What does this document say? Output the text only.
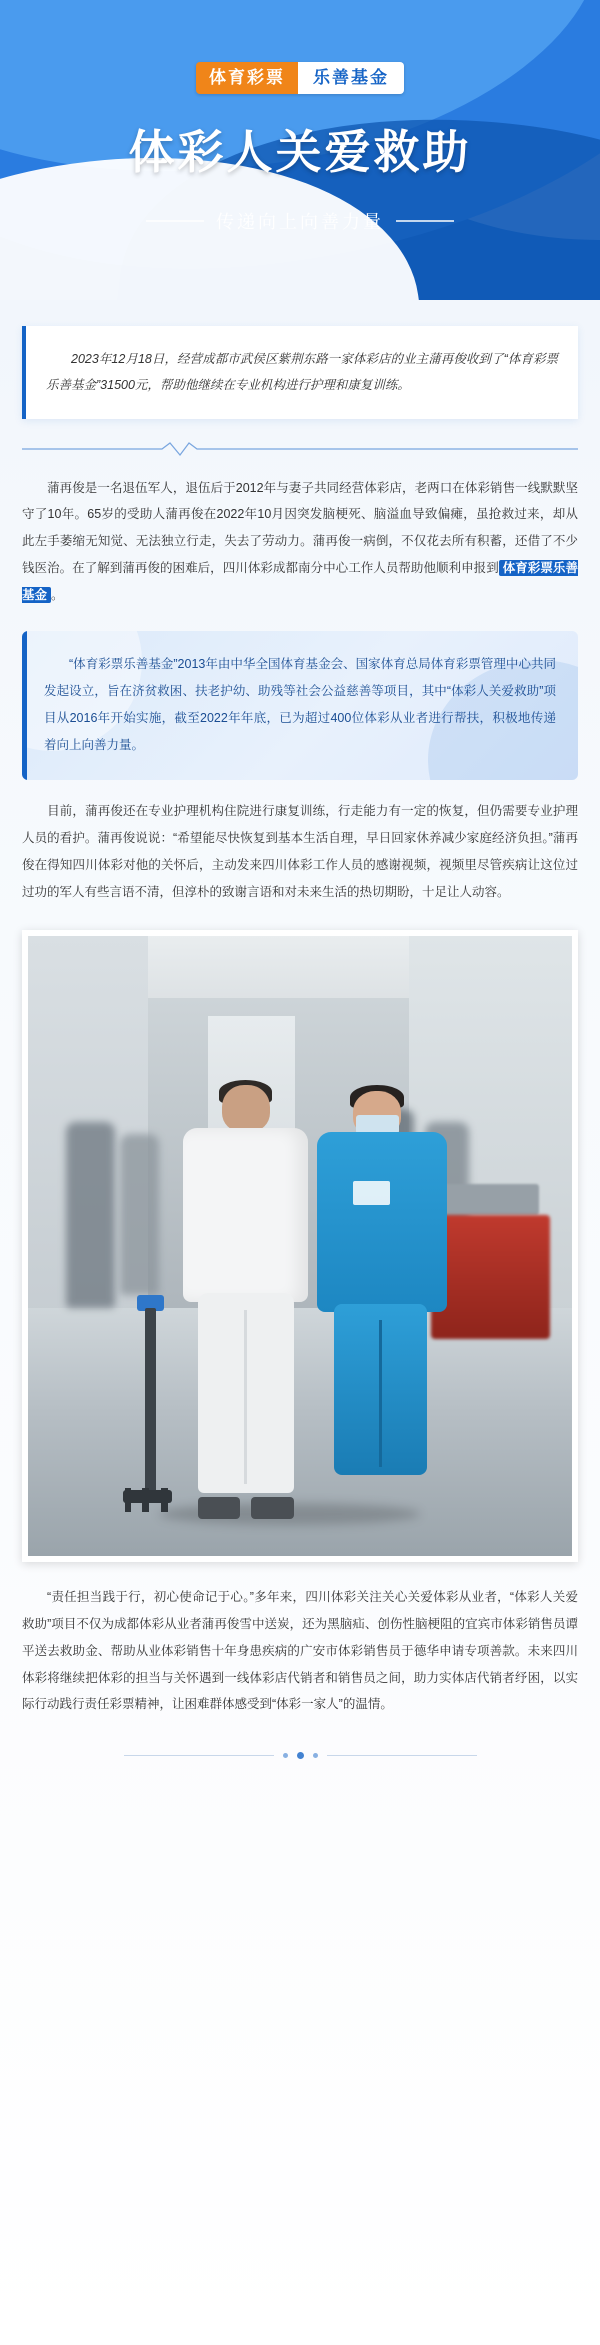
体育彩票	乐善基金
体彩人关爱救助
传递向上向善力量
2023年12月18日，经营成都市武侯区紫荆东路一家体彩店的业主蒲再俊收到了“体育彩票乐善基金”31500元，帮助他继续在专业机构进行护理和康复训练。

蒲再俊是一名退伍军人，退伍后于2012年与妻子共同经营体彩店，老两口在体彩销售一线默默坚守了10年。65岁的受助人蒲再俊在2022年10月因突发脑梗死、脑溢血导致偏瘫，虽抢救过来，却从此左手萎缩无知觉、无法独立行走，失去了劳动力。蒲再俊一病倒，不仅花去所有积蓄，还借了不少钱医治。在了解到蒲再俊的困难后，四川体彩成都南分中心工作人员帮助他顺利申报到 体育彩票乐善基金 。

“体育彩票乐善基金”2013年由中华全国体育基金会、国家体育总局体育彩票管理中心共同发起设立，旨在济贫救困、扶老护幼、助残等社会公益慈善等项目，其中“体彩人关爱救助”项目从2016年开始实施，截至2022年年底，已为超过400位体彩从业者进行帮扶，积极地传递着向上向善力量。

目前，蒲再俊还在专业护理机构住院进行康复训练，行走能力有一定的恢复，但仍需要专业护理人员的看护。蒲再俊说说：“希望能尽快恢复到基本生活自理，早日回家休养减少家庭经济负担。”蒲再俊在得知四川体彩对他的关怀后，主动发来四川体彩工作人员的感谢视频，视频里尽管疾病让这位过过功的军人有些言语不清，但淳朴的致谢言语和对未来生活的热切期盼，十足让人动容。

“责任担当践于行，初心使命记于心。”多年来，四川体彩关注关心关爱体彩从业者，“体彩人关爱救助”项目不仅为成都体彩从业者蒲再俊雪中送炭，还为黑脑疝、创伤性脑梗阻的宜宾市体彩销售员谭平送去救助金、帮助从业体彩销售十年身患疾病的广安市体彩销售员于德华申请专项善款。未来四川体彩将继续把体彩的担当与关怀遇到一线体彩店代销者和销售员之间，助力实体店代销者纾困，以实际行动践行责任彩票精神，让困难群体感受到“体彩一家人”的温情。
